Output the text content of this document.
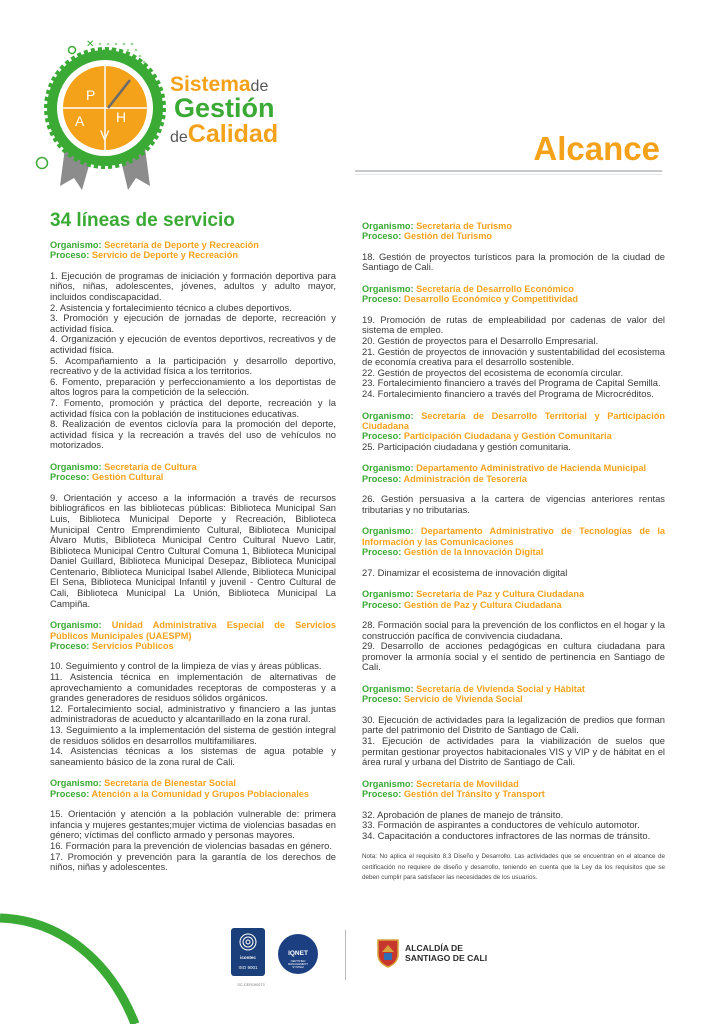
✕
P
H
A
V
Sistemade
Gestión
deCalidad	Alcance
34 líneas de servicio
Organismo: Secretaría de Deporte y Recreación
Proceso: Servicio de Deporte y Recreación
1. Ejecución de programas de iniciación y formación deportiva para niños, niñas, adolescentes, jóvenes, adultos y adulto mayor, incluidos condiscapacidad.
2. Asistencia y fortalecimiento técnico a clubes deportivos.
3. Promoción y ejecución de jornadas de deporte, recreación y actividad física.
4. Organización y ejecución de eventos deportivos, recreativos y de actividad física.
5. Acompañamiento a la participación y desarrollo deportivo, recreativo y de la actividad física a los territorios.
6. Fomento, preparación y perfeccionamiento a los deportistas de altos logros para la competición de la selección.
7. Fomento, promoción y práctica del deporte, recreación y la actividad física con la población de instituciones educativas.
8. Realización de eventos ciclovía para la promoción del deporte, actividad física y la recreación a través del uso de vehículos no motorizados.
Organismo: Secretaría de Cultura
Proceso: Gestión Cultural
9. Orientación y acceso a la información a través de recursos bibliográficos en las bibliotecas públicas: Biblioteca Municipal San Luis, Biblioteca Municipal Deporte y Recreación, Biblioteca Municipal Centro Emprendimiento Cultural, Biblioteca Municipal Álvaro Mutis, Biblioteca Municipal Centro Cultural Nuevo Latir, Biblioteca Municipal Centro Cultural Comuna 1, Biblioteca Municipal Daniel Guillard, Biblioteca Municipal Desepaz, Biblioteca Municipal Centenario, Biblioteca Municipal Isabel Allende, Biblioteca Municipal El Sena, Biblioteca Municipal Infantil y juvenil - Centro Cultural de Cali, Biblioteca Municipal La Unión, Biblioteca Municipal La Campiña.
Organismo: Unidad Administrativa Especial de Servicios Públicos Municipales (UAESPM)
Proceso: Servicios Públicos
10. Seguimiento y control de la limpieza de vías y áreas públicas.
11. Asistencia técnica en implementación de alternativas de aprovechamiento a comunidades receptoras de composteras y a grandes generadores de residuos sólidos orgánicos.
12. Fortalecimiento social, administrativo y financiero a las juntas administradoras de acueducto y alcantarillado en la zona rural.
13. Seguimiento a la implementación del sistema de gestión integral de residuos sólidos en desarrollos multifamiliares.
14. Asistencias técnicas a los sistemas de agua potable y saneamiento básico de la zona rural de Cali.
Organismo: Secretaría de Bienestar Social
Proceso: Atención a la Comunidad y Grupos Poblacionales
15. Orientación y atención a la población vulnerable de: primera infancia y mujeres gestantes;mujer victima de violencias basadas en género; víctimas del conflicto armado y personas mayores.
16. Formación para la prevención de violencias basadas en género.
17. Promoción y prevención para la garantía de los derechos de niños, niñas y adolescentes.
Organismo: Secretaría de Turismo
Proceso: Gestión del Turismo
18. Gestión de proyectos turísticos para la promoción de la ciudad de Santiago de Cali.
Organismo: Secretaría de Desarrollo Económico
Proceso: Desarrollo Económico y Competitividad
19. Promoción de rutas de empleabilidad por cadenas de valor del sistema de empleo.
20. Gestión de proyectos para el Desarrollo Empresarial.
21. Gestión de proyectos de innovación y sustentabilidad del ecosistema de economía creativa para el desarrollo sostenible.
22. Gestión de proyectos del ecosistema de economía circular.
23. Fortalecimiento financiero a través del Programa de Capital Semilla.
24. Fortalecimiento financiero a través del Programa de Microcréditos.
Organismo: Secretaría de Desarrollo Territorial y Participación Ciudadana
Proceso: Participación Ciudadana y Gestión Comunitaria
25. Participación ciudadana y gestión comunitaria.
Organismo: Departamento Administrativo de Hacienda Municipal
Proceso: Administración de Tesorería
26. Gestión persuasiva a la cartera de vigencias anteriores rentas tributarias y no tributarias.
Organismo: Departamento Administrativo de Tecnologías de la Información y las Comunicaciones
Proceso: Gestión de la Innovación Digital
27. Dinamizar el ecosistema de innovación digital
Organismo: Secretaría de Paz y Cultura Ciudadana
Proceso: Gestión de Paz y Cultura Ciudadana
28. Formación social para la prevención de los conflictos en el hogar y la construcción pacífica de convivencia ciudadana.
29. Desarrollo de acciones pedagógicas en cultura ciudadana para promover la armonía social y el sentido de pertinencia en Santiago de Cali.
Organismo: Secretaría de Vivienda Social y Hábitat
Proceso: Servicio de Vivienda Social
30. Ejecución de actividades para la legalización de predios que forman parte del patrimonio del Distrito de Santiago de Cali.
31. Ejecución de actividades para la viabilización de suelos que permitan gestionar proyectos habitacionales VIS y VIP y de hábitat en el área rural y urbana del Distrito de Santiago de Cali.
Organismo: Secretaría de Movilidad
Proceso: Gestión del Tránsito y Transport
32. Aprobación de planes de manejo de tránsito.
33. Formación de aspirantes a conductores de vehículo automotor.
34. Capacitación a conductores infractores de las normas de tránsito.
Nota: No aplica el requisito 8.3 Diseño y Desarrollo. Las actividades que se encuentran en el alcance de certificación no requiere de diseño y desarrollo, teniendo en cuenta que la Ley da los requisitos que se deben cumplir para satisfacer las necesidades de los usuarios.
icontec
ISO 9001
SC-CER190073
IQNET
CERTIFIED MANAGEMENT SYSTEM
ALCALDÍA DE
SANTIAGO DE CALI
